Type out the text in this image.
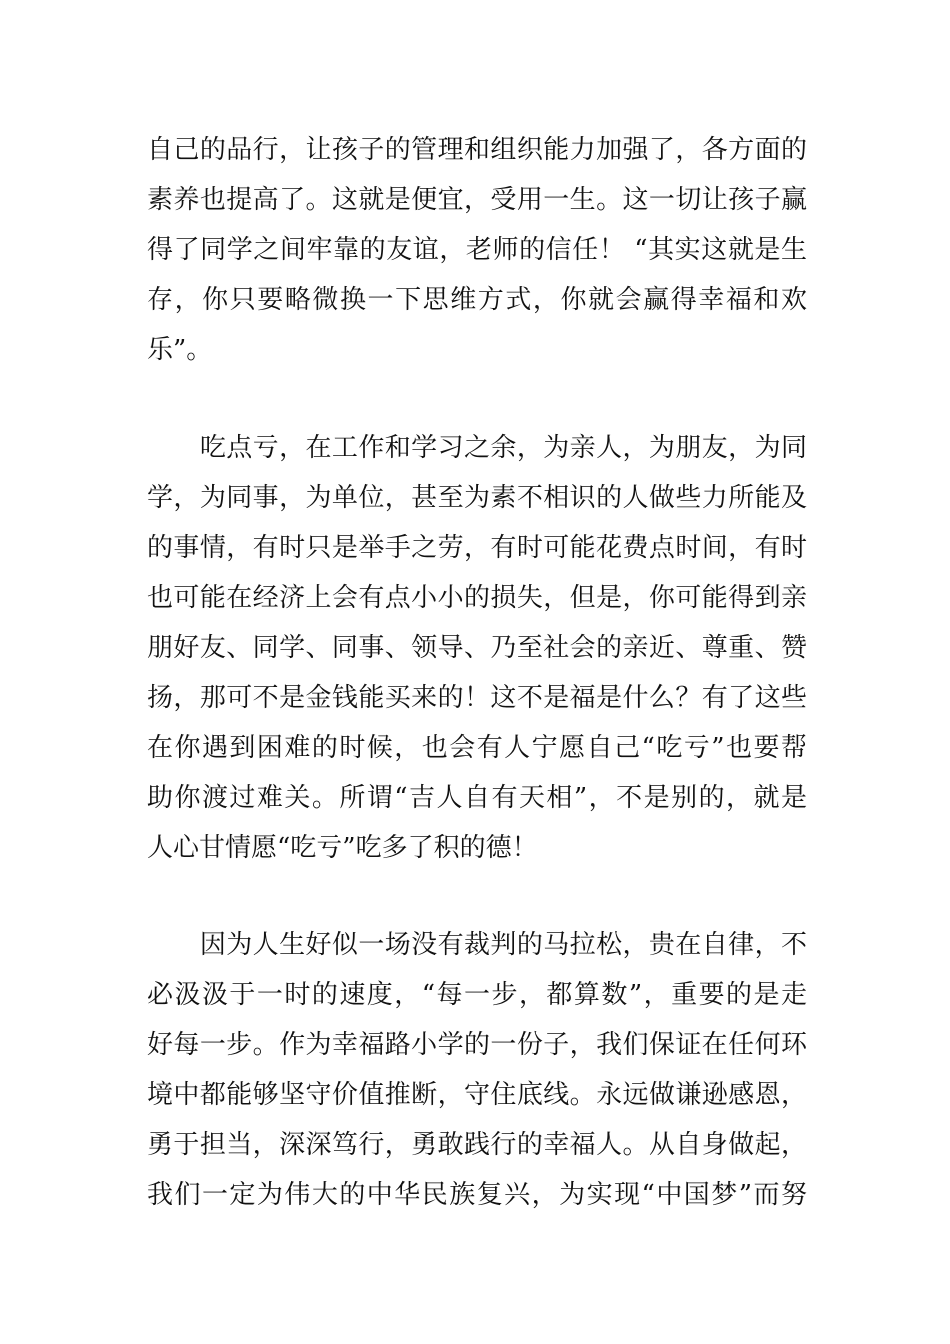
自己的品行，让孩子的管理和组织能力加强了，各方面的
素养也提高了。这就是便宜，受用一生。这一切让孩子赢
得了同学之间牢靠的友谊，老师的信任！ “其实这就是生
存，你只要略微换一下思维方式，你就会赢得幸福和欢
乐”。

　　吃点亏，在工作和学习之余，为亲人，为朋友，为同
学，为同事，为单位，甚至为素不相识的人做些力所能及
的事情，有时只是举手之劳，有时可能花费点时间，有时
也可能在经济上会有点小小的损失，但是，你可能得到亲
朋好友、同学、同事、领导、乃至社会的亲近、尊重、赞
扬，那可不是金钱能买来的！这不是福是什么？有了这些
在你遇到困难的时候，也会有人宁愿自己“吃亏”也要帮
助你渡过难关。所谓“吉人自有天相”，不是别的，就是
人心甘情愿“吃亏”吃多了积的德！

　　因为人生好似一场没有裁判的马拉松，贵在自律，不
必汲汲于一时的速度，“每一步，都算数”，重要的是走
好每一步。作为幸福路小学的一份子，我们保证在任何环
境中都能够坚守价值推断，守住底线。永远做谦逊感恩，
勇于担当，深深笃行，勇敢践行的幸福人。从自身做起，
我们一定为伟大的中华民族复兴，为实现“中国梦”而努
